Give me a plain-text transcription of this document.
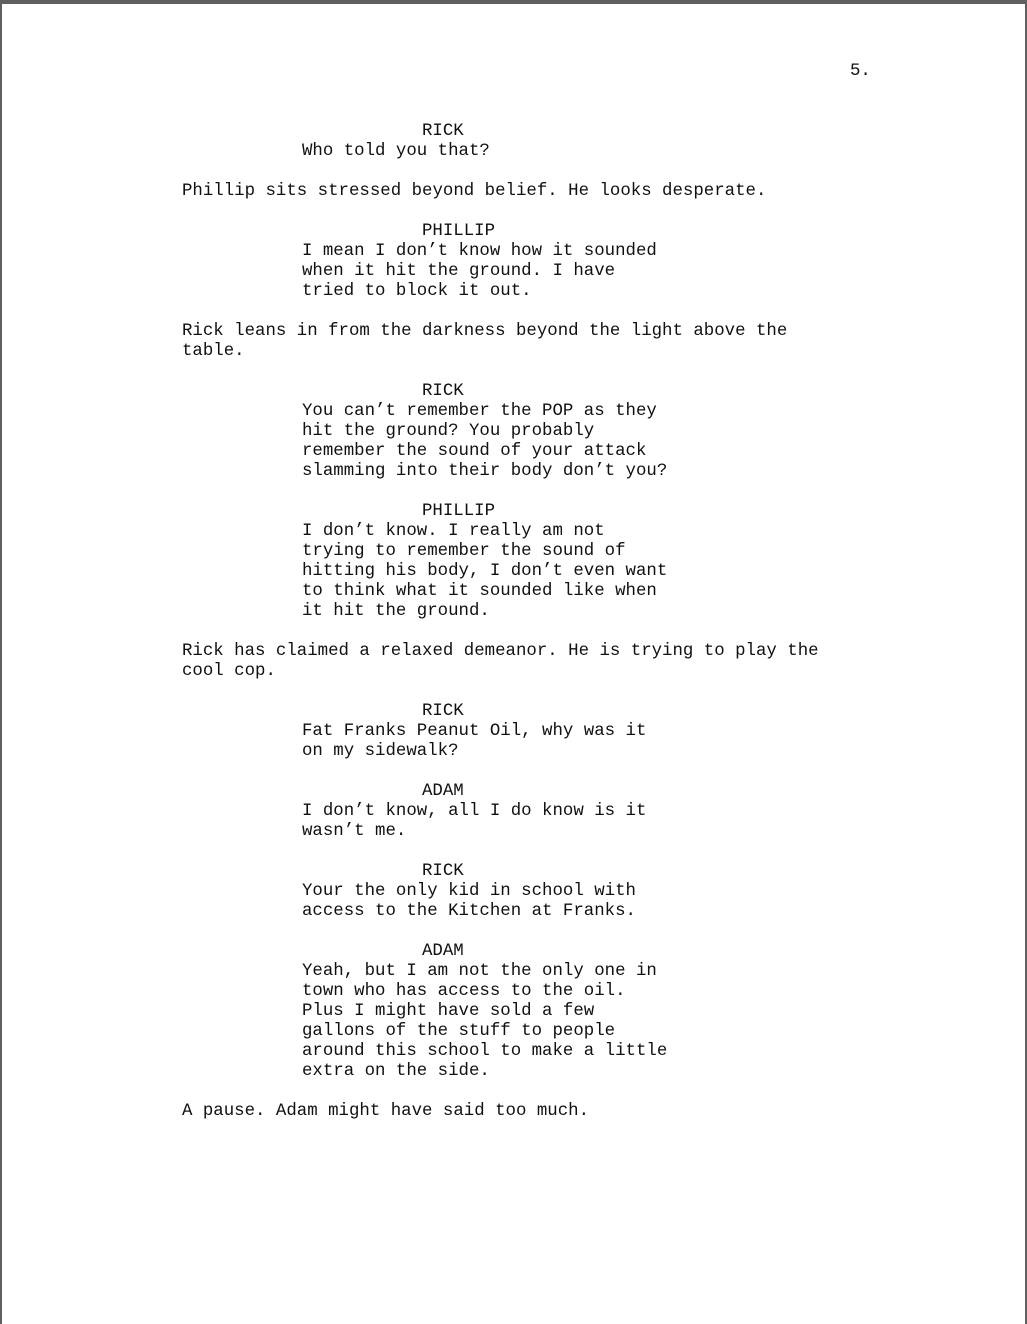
5.
RICK
Who told you that?
Phillip sits stressed beyond belief. He looks desperate.
PHILLIP
I mean I don’t know how it sounded
when it hit the ground. I have
tried to block it out.
Rick leans in from the darkness beyond the light above the
table.
RICK
You can’t remember the POP as they
hit the ground? You probably
remember the sound of your attack
slamming into their body don’t you?
PHILLIP
I don’t know. I really am not
trying to remember the sound of
hitting his body, I don’t even want
to think what it sounded like when
it hit the ground.
Rick has claimed a relaxed demeanor. He is trying to play the
cool cop.
RICK
Fat Franks Peanut Oil, why was it
on my sidewalk?
ADAM
I don’t know, all I do know is it
wasn’t me.
RICK
Your the only kid in school with
access to the Kitchen at Franks.
ADAM
Yeah, but I am not the only one in
town who has access to the oil.
Plus I might have sold a few
gallons of the stuff to people
around this school to make a little
extra on the side.
A pause. Adam might have said too much.
